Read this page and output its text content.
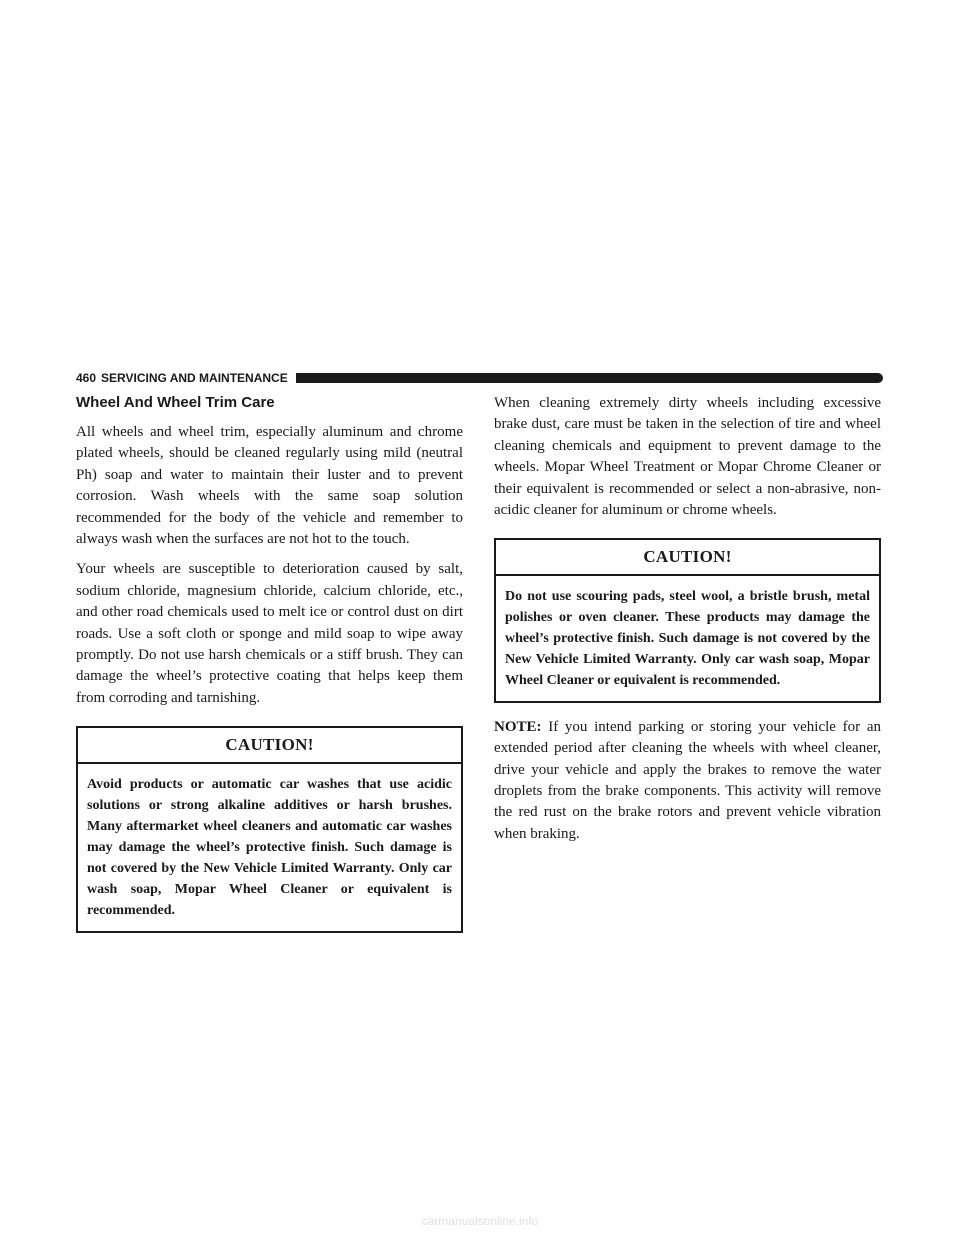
460 SERVICING AND MAINTENANCE
Wheel And Wheel Trim Care

All wheels and wheel trim, especially aluminum and chrome plated wheels, should be cleaned regularly using mild (neutral Ph) soap and water to maintain their luster and to prevent corrosion. Wash wheels with the same soap solution recommended for the body of the vehicle and remember to always wash when the surfaces are not hot to the touch.

Your wheels are susceptible to deterioration caused by salt, sodium chloride, magnesium chloride, calcium chloride, etc., and other road chemicals used to melt ice or control dust on dirt roads. Use a soft cloth or sponge and mild soap to wipe away promptly. Do not use harsh chemicals or a stiff brush. They can damage the wheel’s protective coating that helps keep them from corroding and tarnishing.

CAUTION!
Avoid products or automatic car washes that use acidic solutions or strong alkaline additives or harsh brushes. Many aftermarket wheel cleaners and automatic car washes may damage the wheel’s protective finish. Such damage is not covered by the New Vehicle Limited Warranty. Only car wash soap, Mopar Wheel Cleaner or equivalent is recommended.

When cleaning extremely dirty wheels including excessive brake dust, care must be taken in the selection of tire and wheel cleaning chemicals and equipment to prevent damage to the wheels. Mopar Wheel Treatment or Mopar Chrome Cleaner or their equivalent is recommended or select a non-abrasive, non-acidic cleaner for aluminum or chrome wheels.

CAUTION!
Do not use scouring pads, steel wool, a bristle brush, metal polishes or oven cleaner. These products may damage the wheel’s protective finish. Such damage is not covered by the New Vehicle Limited Warranty. Only car wash soap, Mopar Wheel Cleaner or equivalent is recommended.

NOTE: If you intend parking or storing your vehicle for an extended period after cleaning the wheels with wheel cleaner, drive your vehicle and apply the brakes to remove the water droplets from the brake components. This activity will remove the red rust on the brake rotors and prevent vehicle vibration when braking.

carmanualsonline.info
